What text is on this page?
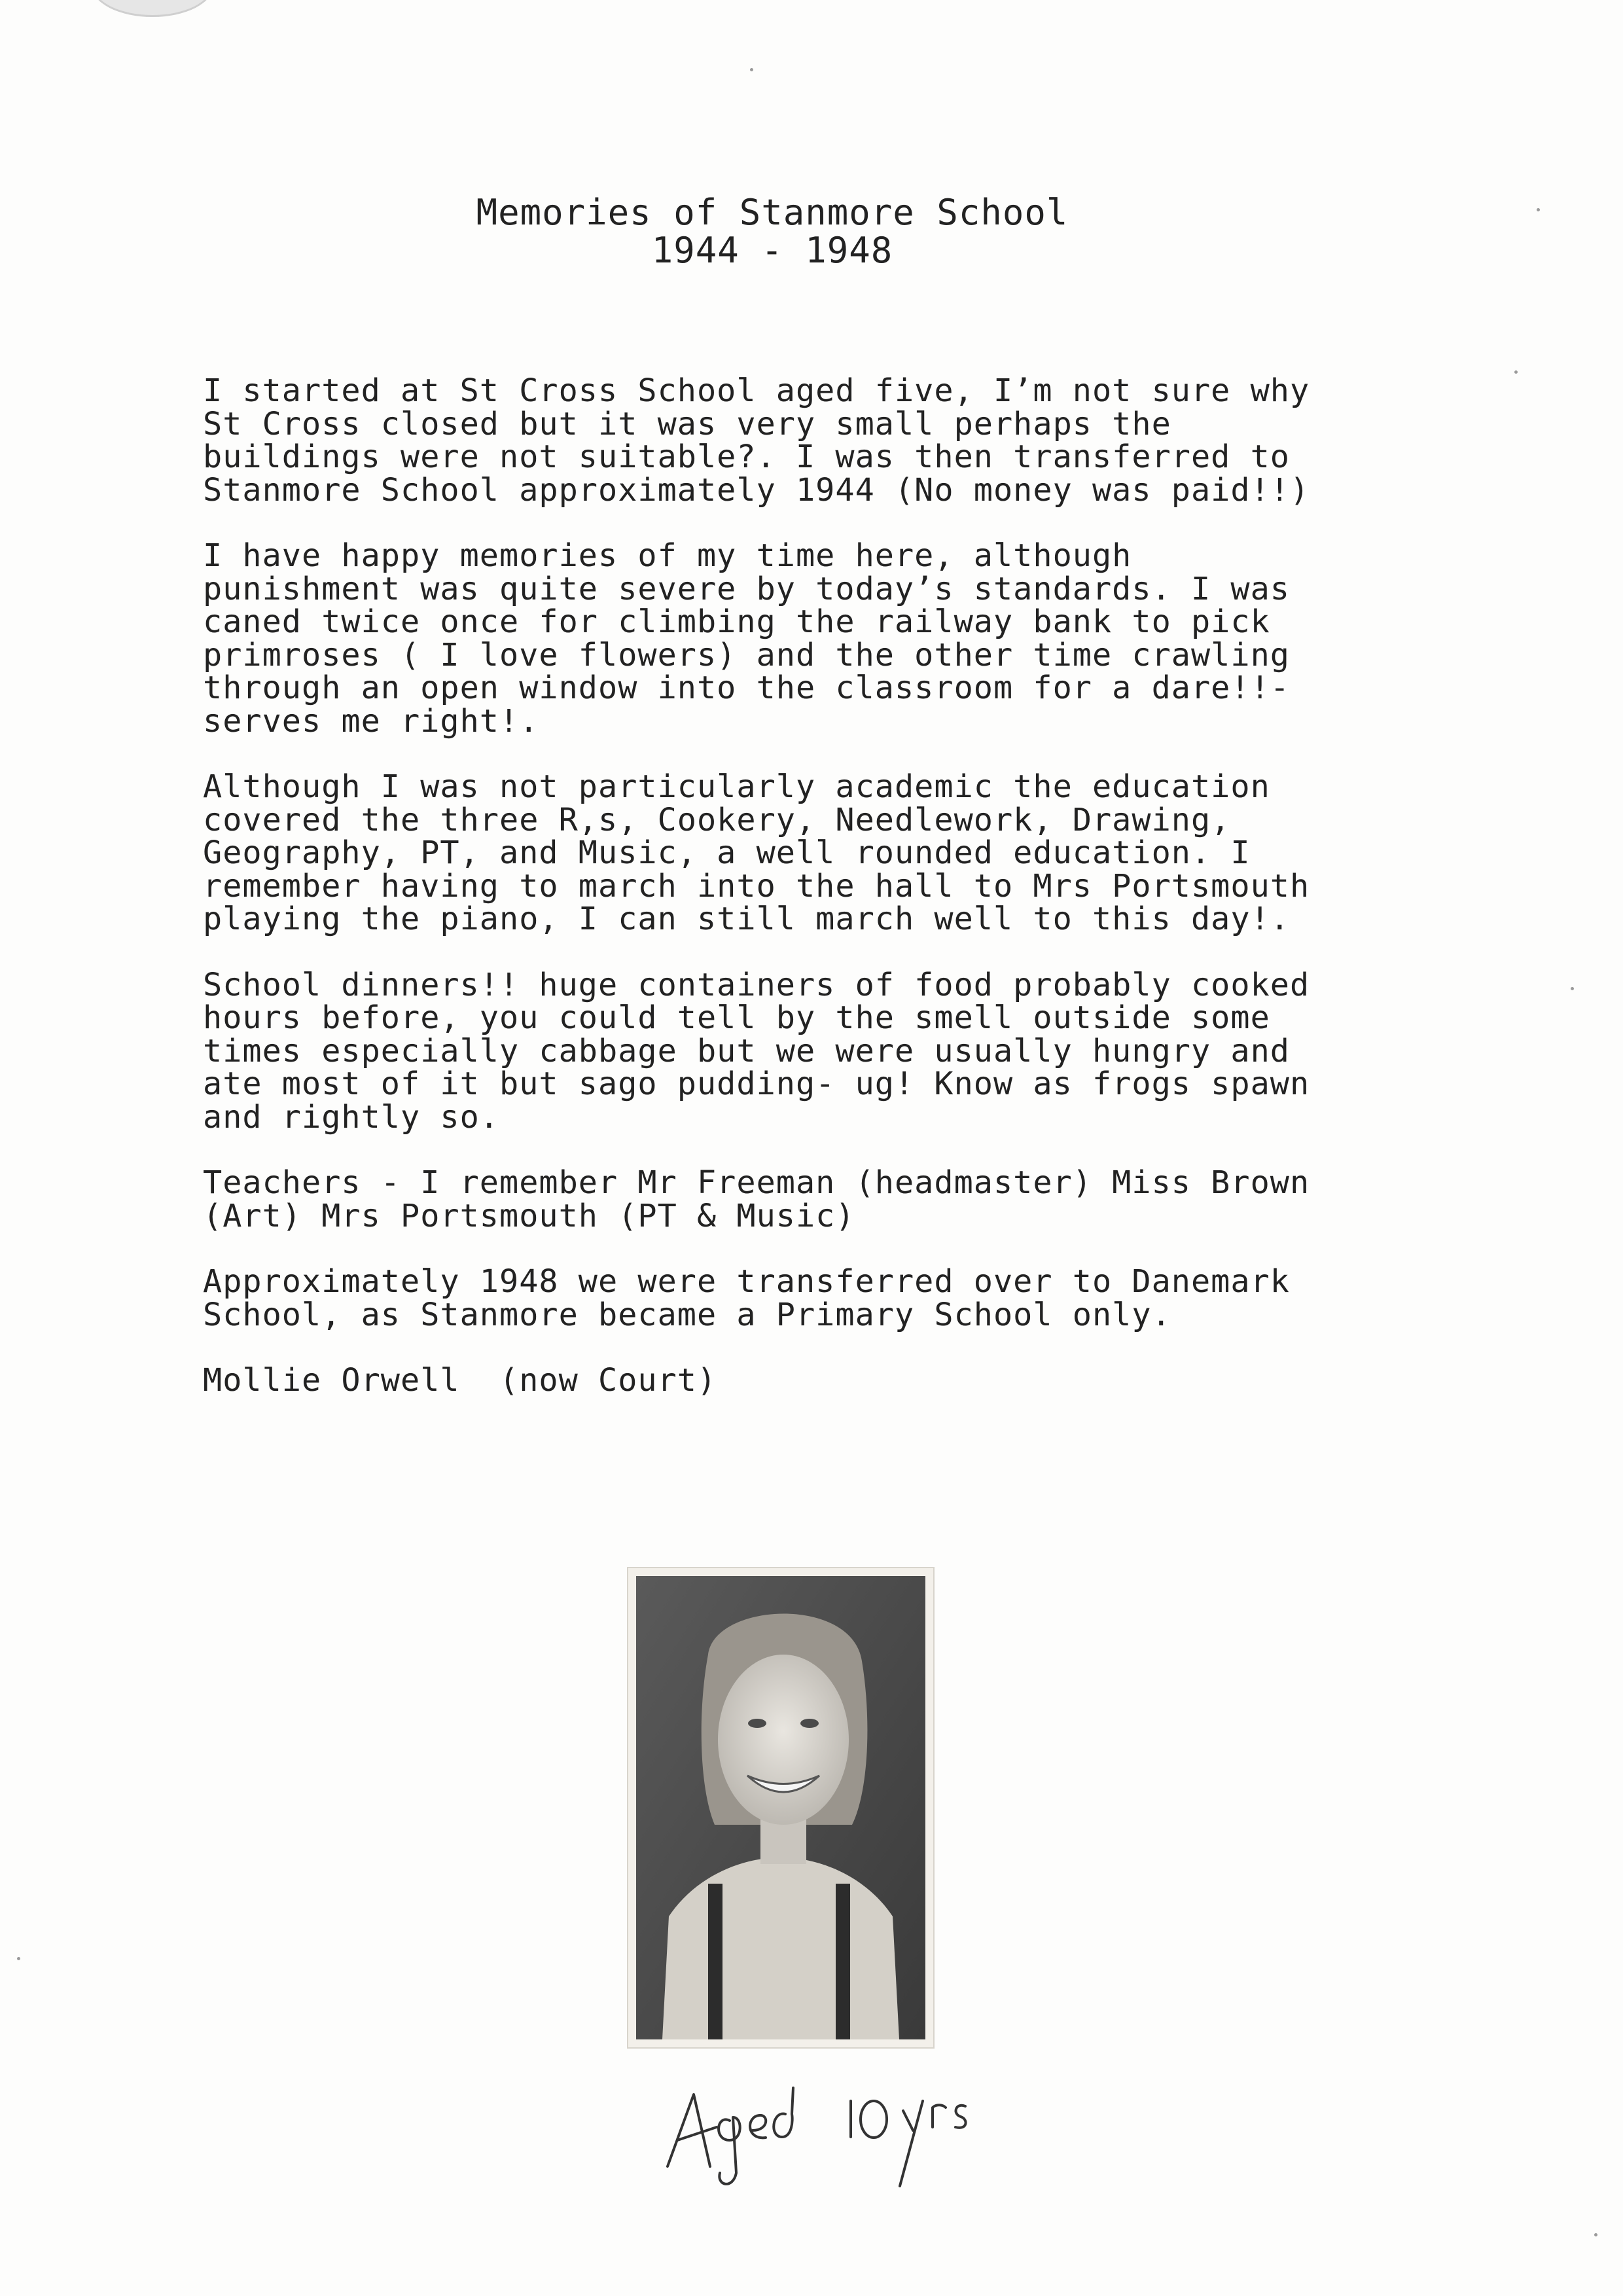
Memories of Stanmore School
1944 - 1948

I started at St Cross School aged five, I’m not sure why
St Cross closed but it was very small perhaps the
buildings were not suitable?. I was then transferred to
Stanmore School approximately 1944 (No money was paid!!)

I have happy memories of my time here, although
punishment was quite severe by today’s standards. I was
caned twice once for climbing the railway bank to pick
primroses ( I love flowers) and the other time crawling
through an open window into the classroom for a dare!!-
serves me right!.

Although I was not particularly academic the education
covered the three R,s, Cookery, Needlework, Drawing,
Geography, PT, and Music, a well rounded education. I
remember having to march into the hall to Mrs Portsmouth
playing the piano, I can still march well to this day!.

School dinners!! huge containers of food probably cooked
hours before, you could tell by the smell outside some
times especially cabbage but we were usually hungry and
ate most of it but sago pudding- ug! Know as frogs spawn
and rightly so.

Teachers - I remember Mr Freeman (headmaster) Miss Brown
(Art) Mrs Portsmouth (PT & Music)

Approximately 1948 we were transferred over to Danemark
School, as Stanmore became a Primary School only.

Mollie Orwell  (now Court)
